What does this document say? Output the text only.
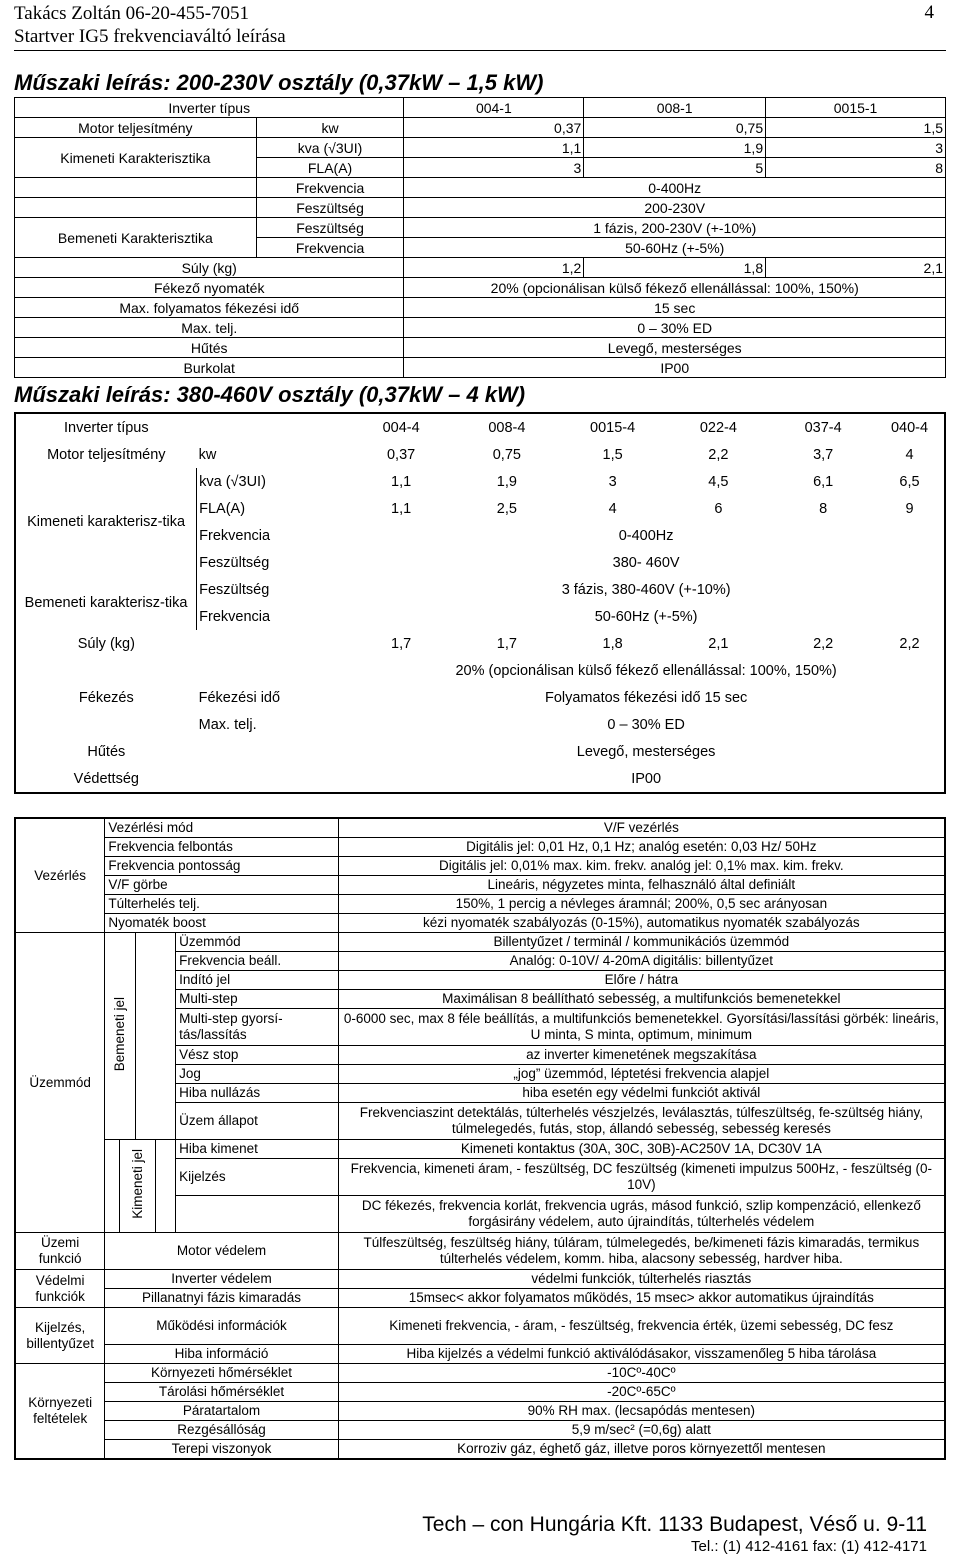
Takács Zoltán 06-20-455-7051
Startver IG5 frekvenciaváltó leírása
4
Műszaki leírás: 200-230V osztály (0,37kW – 1,5 kW)
Inverter típus		004-1	008-1	0015-1
Motor teljesítmény	kw	0,37	0,75	1,5
Kimeneti Karakterisztika	kva (√3UI)	1,1	1,9	3
	FLA(A)	3	5	8
	Frekvencia	0-400Hz		
	Feszültség	200-230V		
Bemeneti Karakterisztika	Feszültség	1 fázis, 200-230V (+-10%)		
	Frekvencia	50-60Hz (+-5%)		
Súly (kg)		1,2	1,8	2,1
Fékező nyomaték		20% (opcionálisan külső fékező ellenállással: 100%, 150%)		
Max. folyamatos fékezési idő		15 sec		
Max. telj.		0 – 30% ED		
Hűtés		Levegő, mesterséges		
Burkolat		IP00		
Műszaki leírás: 380-460V osztály (0,37kW – 4 kW)
Inverter típus		004-4	008-4	0015-4	022-4	037-4	040-4
Motor teljesítmény	kw	0,37	0,75	1,5	2,2	3,7	4
Kimeneti karakterisz-tika	kva (√3UI)	1,1	1,9	3	4,5	6,1	6,5
	FLA(A)	1,1	2,5	4	6	8	9
	Frekvencia	0-400Hz					
	Feszültség	380- 460V					
Bemeneti karakterisz-tika	Feszültség	3 fázis, 380-460V (+-10%)					
	Frekvencia	50-60Hz (+-5%)					
Súly (kg)		1,7	1,7	1,8	2,1	2,2	2,2
Fékezés		20% (opcionálisan külső fékező ellenállással: 100%, 150%)					
	Fékezési idő	Folyamatos fékezési idő 15 sec					
	Max. telj.	0 – 30% ED					
Hűtés		Levegő, mesterséges					
Védettség		IP00					
Vezérlés	Vezérlési mód					V/F vezérlés
	Frekvencia felbontás					Digitális jel: 0,01 Hz, 0,1 Hz; analóg esetén: 0,03 Hz/ 50Hz
	Frekvencia pontosság					Digitális jel: 0,01% max. kim. frekv. analóg jel: 0,1% max. kim. frekv.
	V/F görbe					Lineáris, négyzetes minta, felhasználó által definiált
	Túlterhelés telj.					150%, 1 percig a névleges áramnál; 200%, 0,5 sec arányosan
	Nyomaték boost					kézi nyomaték szabályozás (0-15%), automatikus nyomaték szabályozás
Üzemmód	Bemeneti jel				Üzemmód	Billentyűzet / terminál / kommunikációs üzemmód
					Frekvencia beáll.	Analóg: 0-10V/ 4-20mA digitális: billentyűzet
					Indító jel	Előre / hátra
					Multi-step	Maximálisan 8 beállítható sebesség, a multifunkciós bemenetekkel
					Multi-step gyorsí-tás/lassítás	0-6000 sec, max 8 féle beállítás, a multifunkciós bemenetekkel. Gyorsítási/lassítási görbék: lineáris, U minta, S minta, optimum, minimum
					Vész stop	az inverter kimenetének megszakítása
					Jog	„jog” üzemmód, léptetési frekvencia alapjel
					Hiba nullázás	hiba esetén egy védelmi funkciót aktivál
					Üzem állapot	Frekvenciaszint detektálás, túlterhelés vészjelzés, leválasztás, túlfeszültség, fe-szültség hiány, túlmelegedés, futás, stop, állandó sebesség, sebesség keresés
		Kimeneti jel			Hiba kimenet	Kimeneti kontaktus (30A, 30C, 30B)-AC250V 1A, DC30V 1A
					Kijelzés	Frekvencia, kimeneti áram, - feszültség, DC feszültség (kimeneti impulzus 500Hz, - feszültség (0-10V)
						DC fékezés, frekvencia korlát, frekvencia ugrás, másod funkció, szlip kompenzáció, ellenkező forgásirány védelem, auto újraindítás, túlterhelés védelem
Üzemi funkció	Motor védelem					Túlfeszültség, feszültség hiány, túláram, túlmelegedés, be/kimeneti fázis kimaradás, termikus túlterhelés védelem, komm. hiba, alacsony sebesség, hardver hiba.
Védelmi funkciók	Inverter védelem					védelmi funkciók, túlterhelés riasztás
	Pillanatnyi fázis kimaradás					15msec< akkor folyamatos működés, 15 msec> akkor automatikus újraindítás
Kijelzés, billentyűzet	Működési információk					Kimeneti frekvencia, - áram, - feszültség, frekvencia érték, üzemi sebesség, DC fesz
	Hiba információ					Hiba kijelzés a védelmi funkció aktiválódásakor, visszamenőleg 5 hiba tárolása
Környezeti feltételek	Környezeti hőmérséklet					-10Cº-40Cº
	Tárolási hőmérséklet					-20Cº-65Cº
	Páratartalom					90% RH max. (lecsapódás mentesen)
	Rezgésállóság					5,9 m/sec² (=0,6g) alatt
	Terepi viszonyok					Korroziv gáz, éghető gáz, illetve poros környezettől mentesen
Tech – con Hungária Kft. 1133 Budapest, Véső u. 9-11
Tel.: (1) 412-4161 fax: (1) 412-4171
